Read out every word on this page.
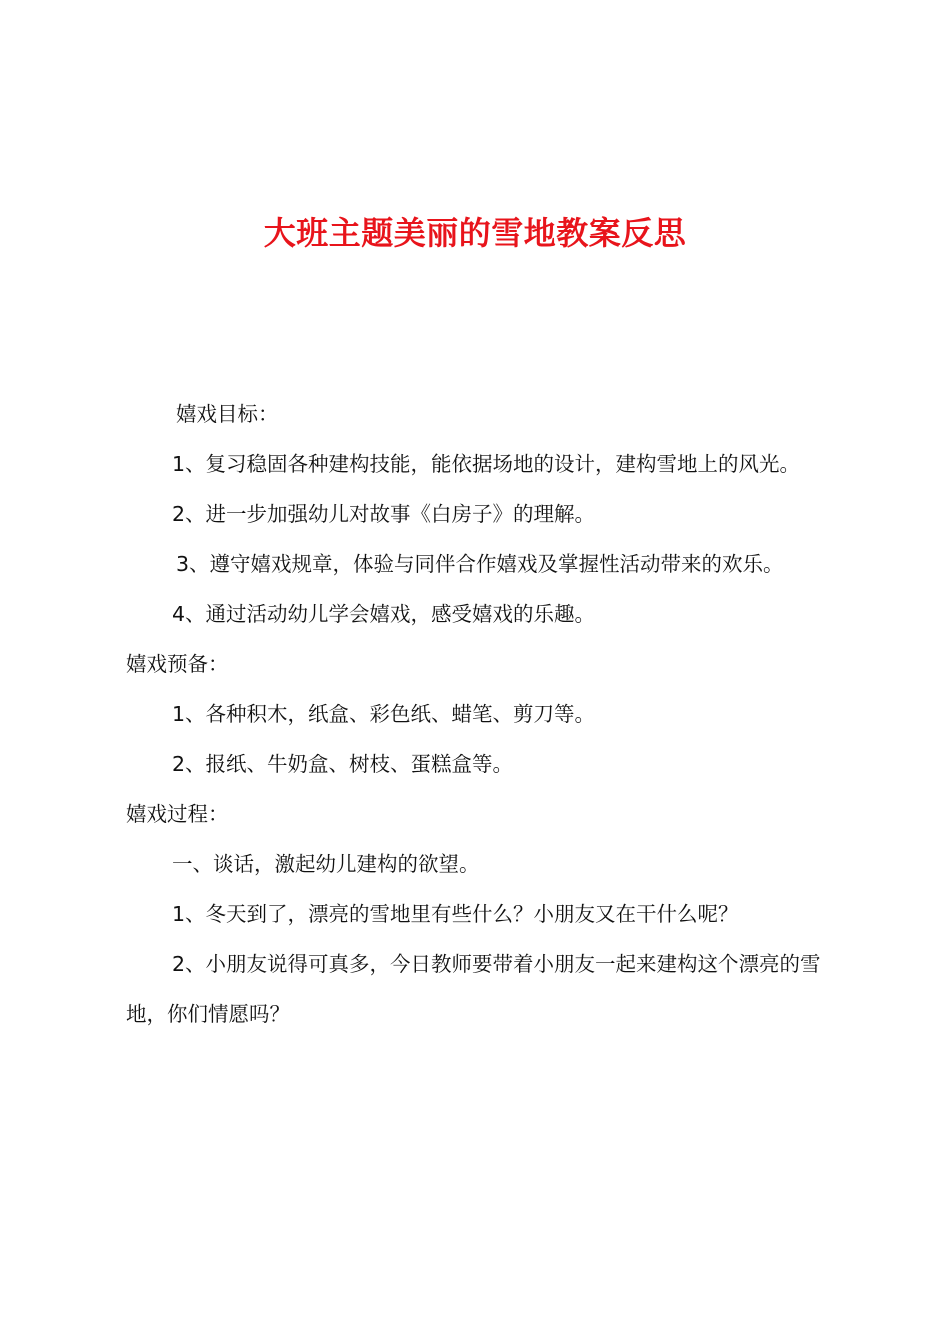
大班主题美丽的雪地教案反思

嬉戏目标：

1、复习稳固各种建构技能，能依据场地的设计，建构雪地上的风光。

2、进一步加强幼儿对故事《白房子》的理解。

3、遵守嬉戏规章，体验与同伴合作嬉戏及掌握性活动带来的欢乐。

4、通过活动幼儿学会嬉戏，感受嬉戏的乐趣。

嬉戏预备：

1、各种积木，纸盒、彩色纸、蜡笔、剪刀等。

2、报纸、牛奶盒、树枝、蛋糕盒等。

嬉戏过程：

一、谈话，激起幼儿建构的欲望。

1、冬天到了，漂亮的雪地里有些什么？小朋友又在干什么呢？

2、小朋友说得可真多，今日教师要带着小朋友一起来建构这个漂亮的雪地，你们情愿吗？
